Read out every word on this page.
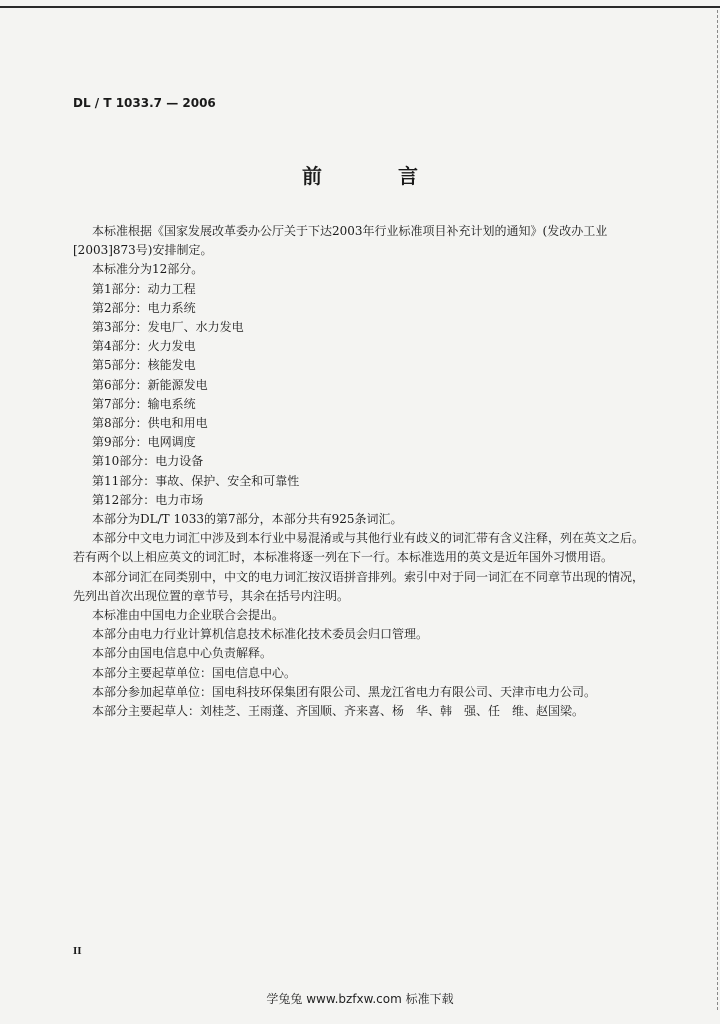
DL / T 1033.7 — 2006
前　言

本标准根据《国家发展改革委办公厅关于下达2003年行业标准项目补充计划的通知》(发改办工业[2003]873号)安排制定。

本标准分为12部分。

第1部分：动力工程

第2部分：电力系统

第3部分：发电厂、水力发电

第4部分：火力发电

第5部分：核能发电

第6部分：新能源发电

第7部分：输电系统

第8部分：供电和用电

第9部分：电网调度

第10部分：电力设备

第11部分：事故、保护、安全和可靠性

第12部分：电力市场

本部分为DL/T 1033的第7部分，本部分共有925条词汇。

本部分中文电力词汇中涉及到本行业中易混淆或与其他行业有歧义的词汇带有含义注释，列在英文之后。若有两个以上相应英文的词汇时，本标准将逐一列在下一行。本标准选用的英文是近年国外习惯用语。

本部分词汇在同类别中，中文的电力词汇按汉语拼音排列。索引中对于同一词汇在不同章节出现的情况，先列出首次出现位置的章节号，其余在括号内注明。

本标准由中国电力企业联合会提出。

本部分由电力行业计算机信息技术标准化技术委员会归口管理。

本部分由国电信息中心负责解释。

本部分主要起草单位：国电信息中心。

本部分参加起草单位：国电科技环保集团有限公司、黑龙江省电力有限公司、天津市电力公司。

本部分主要起草人：刘桂芝、王雨蓬、齐国顺、齐来喜、杨　华、韩　强、任　维、赵国梁。

II
学兔兔 www.bzfxw.com 标准下载
